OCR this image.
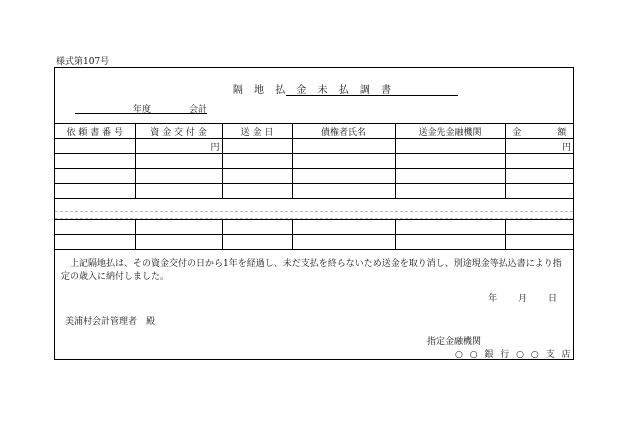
様式第107号
隔 地 払 金 未 払 調 書
年度	会計
依 頼 書 番 号	資 金 交 付 金	送 金 日	債権者氏名	送金先金融機関	金　　　　額
	円				円

上記隔地払は、その資金交付の日から1年を経過し、未だ支払を終らないため送金を取り消し、別途現金等払込書により指定の歳入に納付しました。
年 月 日
美浦村会計管理者　殿
指定金融機関
○ ○ 銀 行 ○ ○ 支 店
